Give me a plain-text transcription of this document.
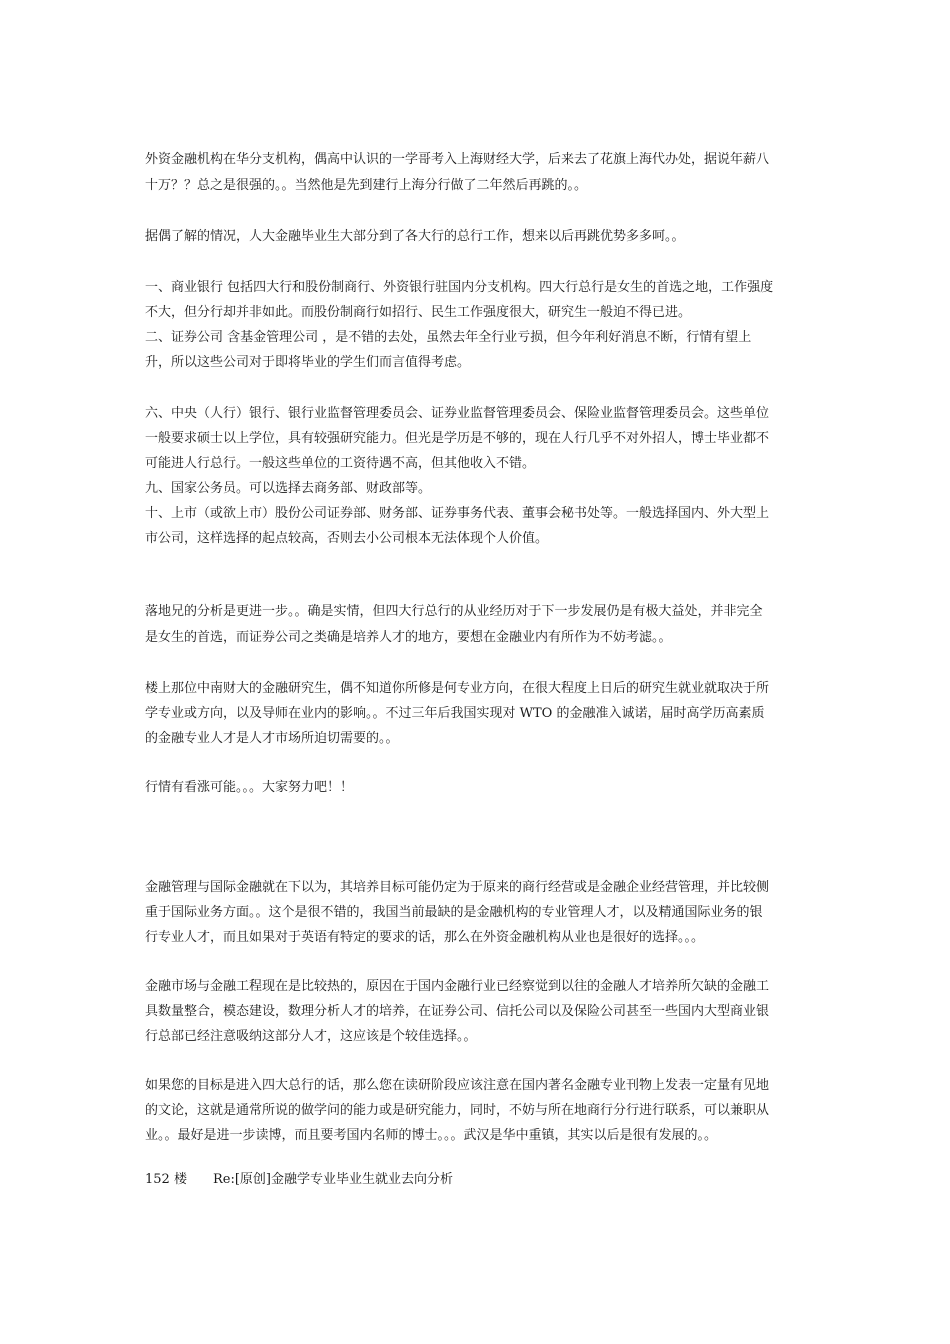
外资金融机构在华分支机构，偶高中认识的一学哥考入上海财经大学，后来去了花旗上海代办处，据说年薪八
十万？？总之是很强的。。当然他是先到建行上海分行做了二年然后再跳的。。
据偶了解的情况，人大金融毕业生大部分到了各大行的总行工作，想来以后再跳优势多多呵。。
一、商业银行 包括四大行和股份制商行、外资银行驻国内分支机构。四大行总行是女生的首选之地，工作强度
不大，但分行却并非如此。而股份制商行如招行、民生工作强度很大，研究生一般迫不得已进。
二、证券公司 含基金管理公司 ，是不错的去处，虽然去年全行业亏损，但今年利好消息不断，行情有望上
升，所以这些公司对于即将毕业的学生们而言值得考虑。
六、中央（人行）银行、银行业监督管理委员会、证券业监督管理委员会、保险业监督管理委员会。这些单位
一般要求硕士以上学位，具有较强研究能力。但光是学历是不够的，现在人行几乎不对外招人，博士毕业都不
可能进人行总行。一般这些单位的工资待遇不高，但其他收入不错。
九、国家公务员。可以选择去商务部、财政部等。
十、上市（或欲上市）股份公司证券部、财务部、证券事务代表、董事会秘书处等。一般选择国内、外大型上
市公司，这样选择的起点较高，否则去小公司根本无法体现个人价值。
落地兄的分析是更进一步。。确是实情，但四大行总行的从业经历对于下一步发展仍是有极大益处，并非完全
是女生的首选，而证券公司之类确是培养人才的地方，要想在金融业内有所作为不妨考滤。。
楼上那位中南财大的金融研究生，偶不知道你所修是何专业方向，在很大程度上日后的研究生就业就取决于所
学专业或方向，以及导师在业内的影响。。不过三年后我国实现对 WTO 的金融准入诚诺，届时高学历高素质
的金融专业人才是人才市场所迫切需要的。。
行情有看涨可能。。。大家努力吧！！
金融管理与国际金融就在下以为，其培养目标可能仍定为于原来的商行经营或是金融企业经营管理，并比较侧
重于国际业务方面。。这个是很不错的，我国当前最缺的是金融机构的专业管理人才，以及精通国际业务的银
行专业人才，而且如果对于英语有特定的要求的话，那么在外资金融机构从业也是很好的选择。。。
金融市场与金融工程现在是比较热的，原因在于国内金融行业已经察觉到以往的金融人才培养所欠缺的金融工
具数量整合，模态建设，数理分析人才的培养，在证券公司、信托公司以及保险公司甚至一些国内大型商业银
行总部已经注意吸纳这部分人才，这应该是个较佳选择。。
如果您的目标是进入四大总行的话，那么您在读研阶段应该注意在国内著名金融专业刊物上发表一定量有见地
的文论，这就是通常所说的做学问的能力或是研究能力，同时，不妨与所在地商行分行进行联系，可以兼职从
业。。最好是进一步读博，而且要考国内名师的博士。。。武汉是华中重镇，其实以后是很有发展的。。
152 楼 Re:[原创]金融学专业毕业生就业去向分析
